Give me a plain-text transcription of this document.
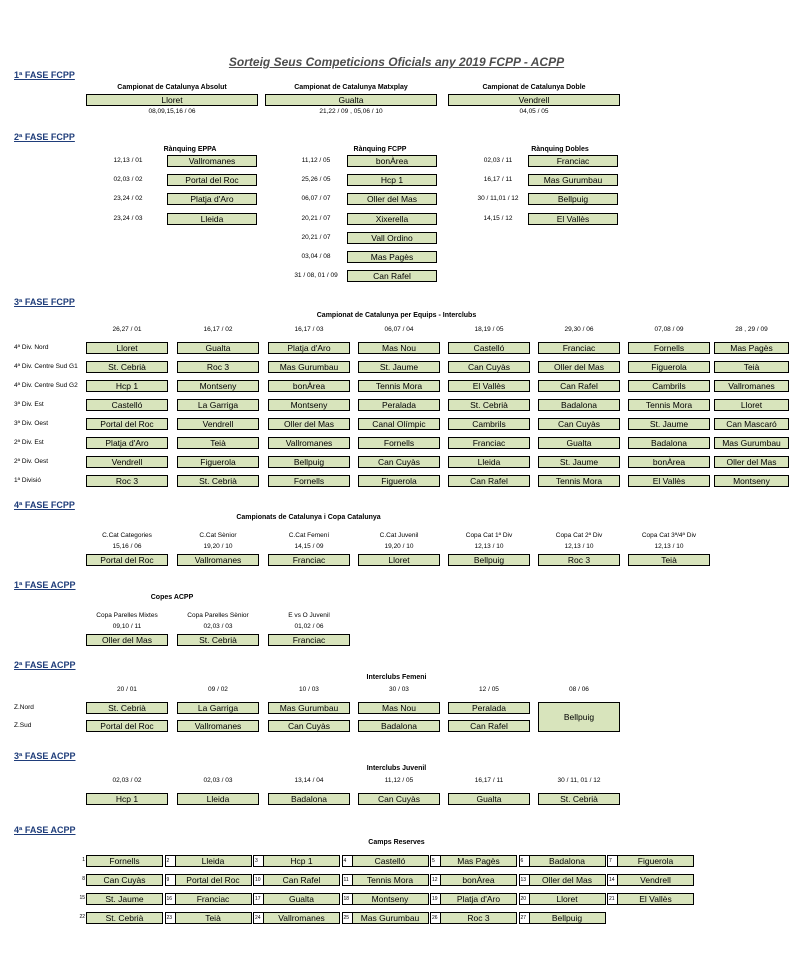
Sorteig Seus Competicions Oficials any 2019 FCPP - ACPP
1ª FASE FCPP
Campionat de Catalunya Absolut
Lloret
08,09,15,16 / 06
Campionat de Catalunya Matxplay
Gualta
21,22 / 09 , 05,06 / 10
Campionat de Catalunya Doble
Vendrell
04,05 / 05
2ª FASE FCPP
Rànquing EPPA
12,13 / 01	Vallromanes
02,03 / 02	Portal del Roc
23,24 / 02	Platja d'Aro
23,24 / 03	Lleida
Rànquing FCPP
11,12 / 05	bonÀrea
25,26 / 05	Hcp 1
06,07 / 07	Oller del Mas
20,21 / 07	Xixerella
20,21 / 07	Vall Ordino
03,04 / 08	Mas Pagès
31 / 08, 01 / 09	Can Rafel
Rànquing Dobles
02,03 / 11	Franciac
16,17 / 11	Mas Gurumbau
30 / 11,01 / 12	Bellpuig
14,15 / 12	El Vallès
3ª FASE FCPP
Campionat de Catalunya per Equips - Interclubs
26,27 / 01	16,17 / 02	16,17 / 03	06,07 / 04	18,19 / 05	29,30 / 06	07,08 / 09	28 , 29 / 09
4ª Div. Nord	Lloret	Gualta	Platja d'Aro	Mas Nou	Castelló	Franciac	Fornells	Mas Pagès
4ª Div. Centre Sud G1	St. Cebrià	Roc 3	Mas Gurumbau	St. Jaume	Can Cuyàs	Oller del Mas	Figuerola	Teià
4ª Div. Centre Sud G2	Hcp 1	Montseny	bonÀrea	Tennis Mora	El Vallès	Can Rafel	Cambrils	Vallromanes
3ª Div. Est	Castelló	La Garriga	Montseny	Peralada	St. Cebrià	Badalona	Tennis Mora	Lloret
3ª Div. Oest	Portal del Roc	Vendrell	Oller del Mas	Canal Olímpic	Cambrils	Can Cuyàs	St. Jaume	Can Mascaró
2ª Div. Est	Platja d'Aro	Teià	Vallromanes	Fornells	Franciac	Gualta	Badalona	Mas Gurumbau
2ª Div. Oest	Vendrell	Figuerola	Bellpuig	Can Cuyàs	Lleida	St. Jaume	bonÀrea	Oller del Mas
1ª Divisió	Roc 3	St. Cebrià	Fornells	Figuerola	Can Rafel	Tennis Mora	El Vallès	Montseny
4ª FASE FCPP
Campionats de Catalunya i Copa Catalunya
C.Cat Categories
15,16 / 06
Portal del Roc
C.Cat Sènior
19,20 / 10
Vallromanes
C.Cat Femení
14,15 / 09
Franciac
C.Cat Juvenil
19,20 / 10
Lloret
Copa Cat 1ª Div
12,13 / 10
Bellpuig
Copa Cat 2ª Div
12,13 / 10
Roc 3
Copa Cat 3ª/4ª Div
12,13 / 10
Teià
1ª FASE ACPP
Copes ACPP
Copa Parelles Mixtes
09,10 / 11
Oller del Mas
Copa Parelles Sènior
02,03 / 03
St. Cebrià
E vs O Juvenil
01,02 / 06
Franciac
2ª FASE ACPP
Interclubs Femeni
20 / 01	09 / 02	10 / 03	30 / 03	12 / 05	08 / 06
Z.Nord	St. Cebrià	La Garriga	Mas Gurumbau	Mas Nou	Peralada
Z.Sud	Portal del Roc	Vallromanes	Can Cuyàs	Badalona	Can Rafel
Bellpuig
3ª FASE ACPP
Interclubs Juvenil
02,03 / 02	02,03 / 03	13,14 / 04	11,12 / 05	16,17 / 11	30 / 11, 01 / 12
Hcp 1	Lleida	Badalona	Can Cuyàs	Gualta	St. Cebrià
4ª FASE ACPP
Camps Reserves
1	Fornells	2	Lleida	3	Hcp 1	4	Castelló	5	Mas Pagès	6	Badalona	7	Figuerola
8	Can Cuyàs	9	Portal del Roc	10	Can Rafel	11	Tennis Mora	12	bonÀrea	13	Oller del Mas	14	Vendrell
15	St. Jaume	16	Franciac	17	Gualta	18	Montseny	19	Platja d'Aro	20	Lloret	21	El Vallès
22	St. Cebrià	23	Teià	24	Vallromanes	25	Mas Gurumbau	26	Roc 3	27	Bellpuig
